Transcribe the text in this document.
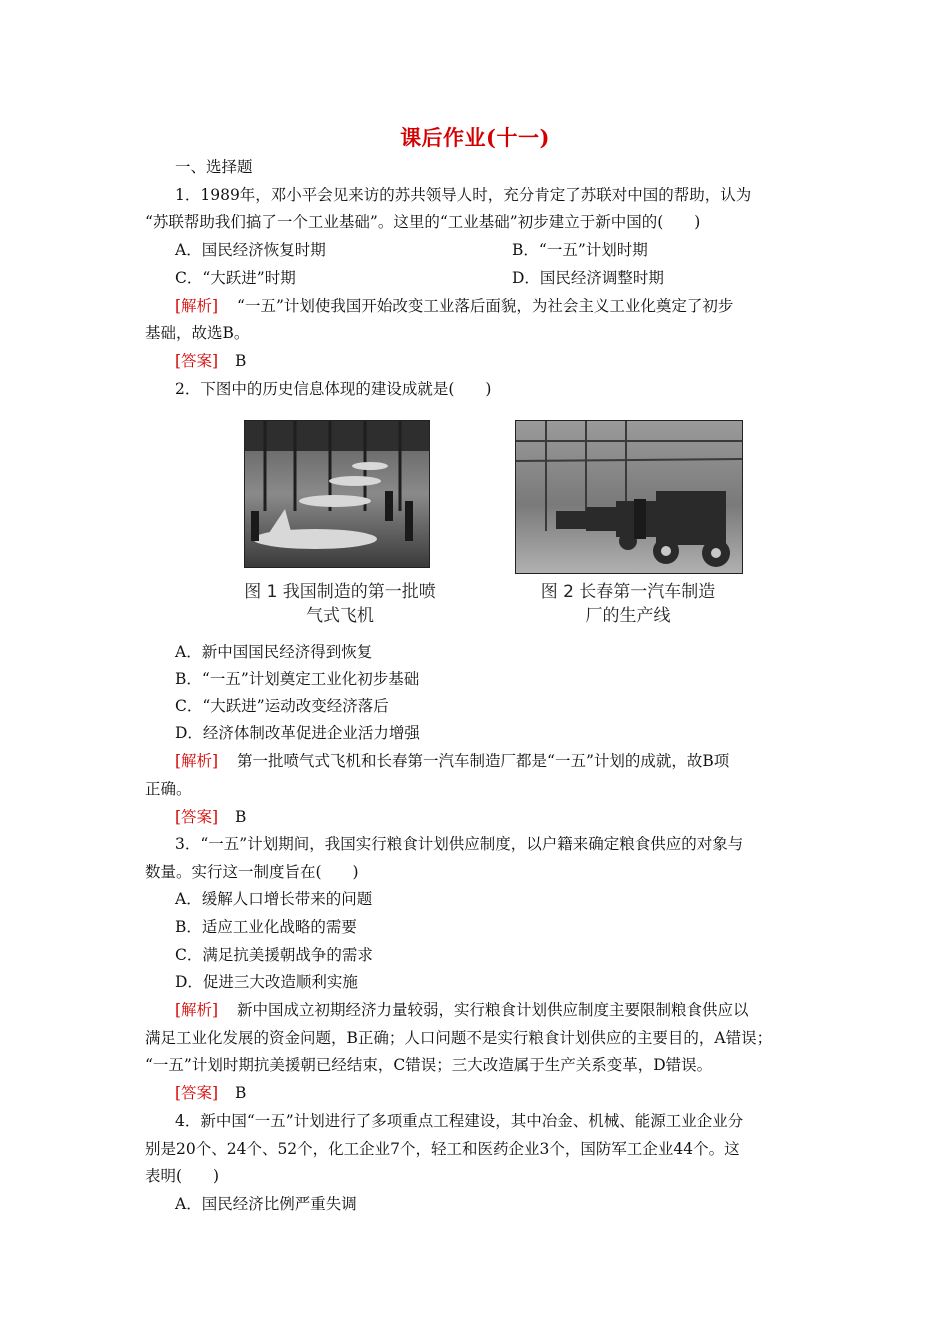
课后作业(十一)
一、选择题
1．1989年，邓小平会见来访的苏共领导人时，充分肯定了苏联对中国的帮助，认为
“苏联帮助我们搞了一个工业基础”。这里的“工业基础”初步建立于新中国的(　　)
A．国民经济恢复时期	B．“一五”计划时期
C．“大跃进”时期	D．国民经济调整时期
[解析] “一五”计划使我国开始改变工业落后面貌，为社会主义工业化奠定了初步
基础，故选B。
[答案] B
2．下图中的历史信息体现的建设成就是(　　)
图 1 我国制造的第一批喷
气式飞机
图 2 长春第一汽车制造
厂的生产线
A．新中国国民经济得到恢复
B．“一五”计划奠定工业化初步基础
C．“大跃进”运动改变经济落后
D．经济体制改革促进企业活力增强
[解析] 第一批喷气式飞机和长春第一汽车制造厂都是“一五”计划的成就，故B项
正确。
[答案] B
3．“一五”计划期间，我国实行粮食计划供应制度，以户籍来确定粮食供应的对象与
数量。实行这一制度旨在(　　)
A．缓解人口增长带来的问题
B．适应工业化战略的需要
C．满足抗美援朝战争的需求
D．促进三大改造顺利实施
[解析] 新中国成立初期经济力量较弱，实行粮食计划供应制度主要限制粮食供应以
满足工业化发展的资金问题，B正确；人口问题不是实行粮食计划供应的主要目的，A错误；
“一五”计划时期抗美援朝已经结束，C错误；三大改造属于生产关系变革，D错误。
[答案] B
4．新中国“一五”计划进行了多项重点工程建设，其中冶金、机械、能源工业企业分
别是20个、24个、52个，化工企业7个，轻工和医药企业3个，国防军工企业44个。这
表明(　　)
A．国民经济比例严重失调
